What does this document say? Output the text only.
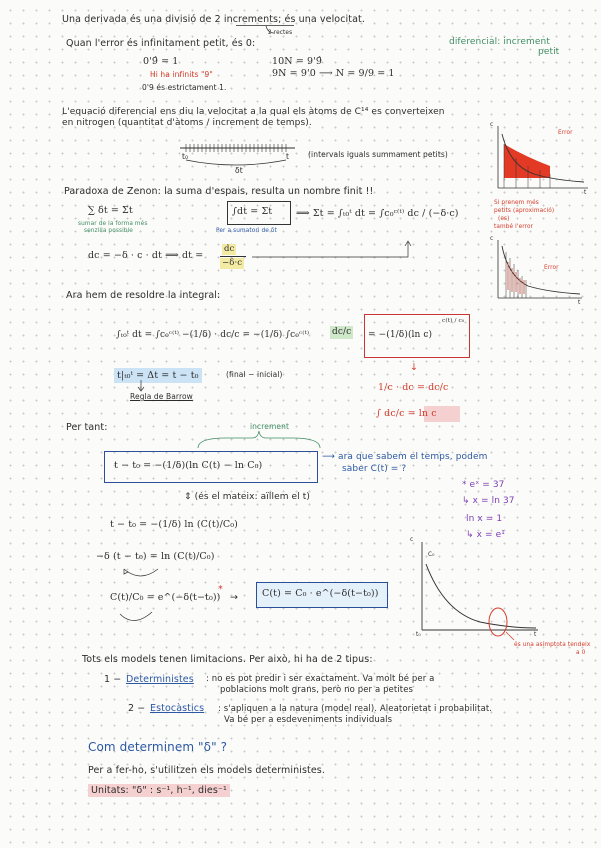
Una derivada és una divisió de 2 increments; és una velocitat.
2 rectes
Quan l'error és infinitament petit, és 0:	diferencial: increment
petit
0'9̂ = 1	10N = 9'9̂
9N = 9'0 ⟶ N = 9/9 = 1
Hi ha infinits "9"
0'9 és estrictament 1.
L'equació diferencial ens diu la velocitat a la qual els àtoms de C¹⁴ es converteixen
en nitrogen (quantitat d'àtoms / increment de temps).
t₀	t
δt
(intervals iguals summament petits)
c
t
Error
Paradoxa de Zenon: la suma d'espais, resulta un nombre finit !!
∑ δt = Σt
sumar de la forma més
senzilla possible
∫dt = Σt
Per a sumatori de δt
⟹ Σt = ∫ₜ₀ᵗ dt = ∫c₀ᶜ⁽ᵗ⁾ dc / (−δ·c)
Si prenem més
petits (aproximació)
(es)
també l'error
c
t
Error
dc = −δ · c · dt ⟹ dt =
dc
−δ·c
Ara hem de resoldre la integral:
∫ₜ₀ᵗ dt = ∫c₀ᶜ⁽ᵗ⁾ −(1/δ) · dc/c = −(1/δ) ∫c₀ᶜ⁽ᵗ⁾	dc/c = −(1/δ)(ln c)
c(t) / c₀
t|ₜ₀ᵗ = Δt = t − t₀	(final − inicial)
Regla de Barrow
↓
1/c · dc = dc/c
∫ dc/c = ln c
Per tant:	increment
t − t₀ = −(1/δ)(ln C(t) − ln C₀)
⟶ ara que sabem el temps, podem
saber C(t) = ?
⇕ (és el mateix: aïllem el t)
* eˣ = 37
↳ x = ln 37
ln x = 1
↳ x = e¹
t − t₀ = −(1/δ) ln (C(t)/C₀)
−δ (t − t₀) = ln (C(t)/C₀)
C(t)/C₀ = e^(−δ(t−t₀))
*
→	C(t) = C₀ · e^(−δ(t−t₀))
c
C₀
t₀	t
és una asímptota tendeix
a 0
Tots els models tenen limitacions. Per això, hi ha de 2 tipus:
1 − Deterministes : no es pot predir i ser exactament. Va molt bé per a
poblacions molt grans, però no per a petites
2 − Estocàstics : s'apliquen a la natura (model real). Aleatorietat i probabilitat.
Va bé per a esdeveniments individuals
Com determinem "δ" ?
Per a fer-ho, s'utilitzen els models deterministes.
Unitats: "δ" : s⁻¹, h⁻¹, dies⁻¹
